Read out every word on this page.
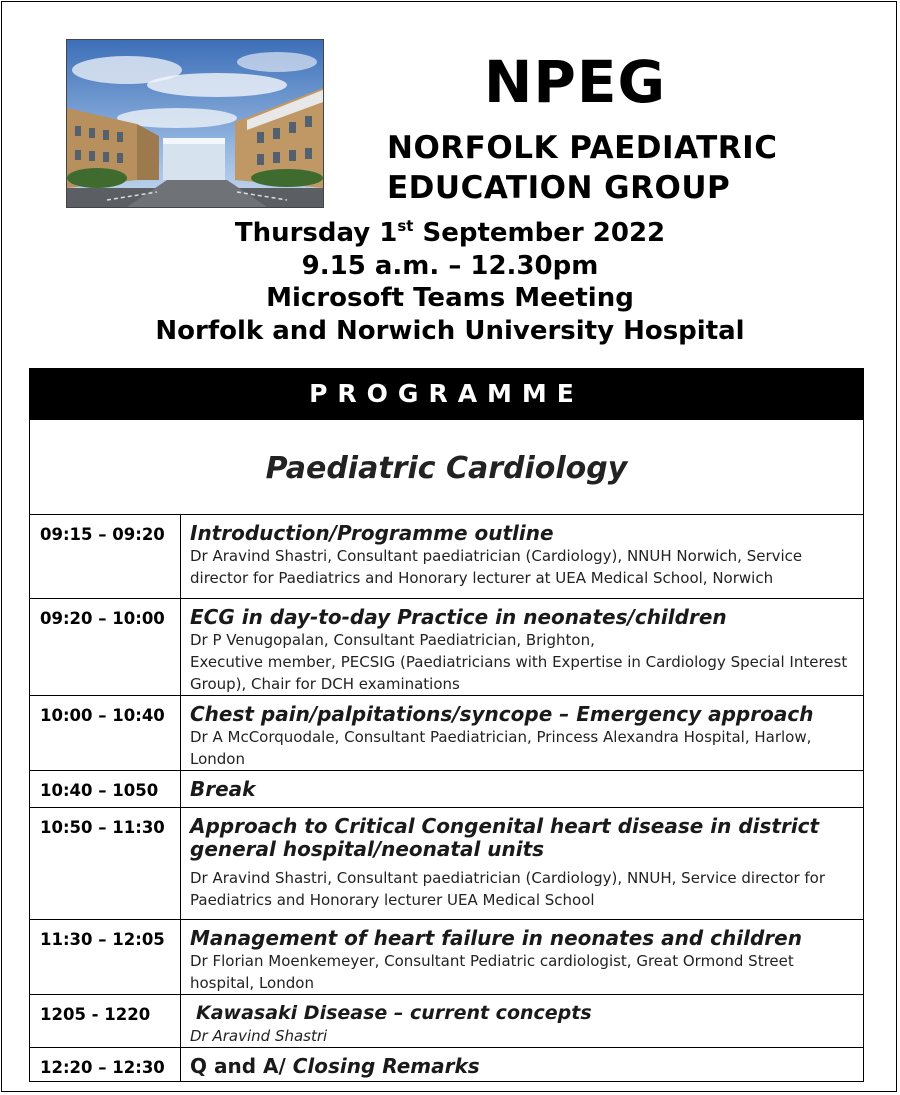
NPEG
NORFOLK PAEDIATRIC
EDUCATION GROUP
Thursday 1st September 2022
9.15 a.m. – 12.30pm
Microsoft Teams Meeting
Norfolk and Norwich University Hospital
PROGRAMME
Paediatric Cardiology
09:15 – 09:20	Introduction/Programme outline
Dr Aravind Shastri, Consultant paediatrician (Cardiology), NNUH Norwich, Service
director for Paediatrics and Honorary lecturer at UEA Medical School, Norwich

09:20 – 10:00	ECG in day-to-day Practice in neonates/children
Dr P Venugopalan, Consultant Paediatrician, Brighton,
Executive member, PECSIG (Paediatricians with Expertise in Cardiology Special Interest
Group), Chair for DCH examinations

10:00 – 10:40	Chest pain/palpitations/syncope – Emergency approach
Dr A McCorquodale, Consultant Paediatrician, Princess Alexandra Hospital, Harlow,
London

10:40 – 1050	Break

10:50 – 11:30	Approach to Critical Congenital heart disease in district
general hospital/neonatal units
Dr Aravind Shastri, Consultant paediatrician (Cardiology), NNUH, Service director for
Paediatrics and Honorary lecturer UEA Medical School

11:30 – 12:05	Management of heart failure in neonates and children
Dr Florian Moenkemeyer, Consultant Pediatric cardiologist, Great Ormond Street
hospital, London

1205 - 1220	Kawasaki Disease – current concepts
Dr Aravind Shastri

12:20 – 12:30	Q and A/ Closing Remarks
